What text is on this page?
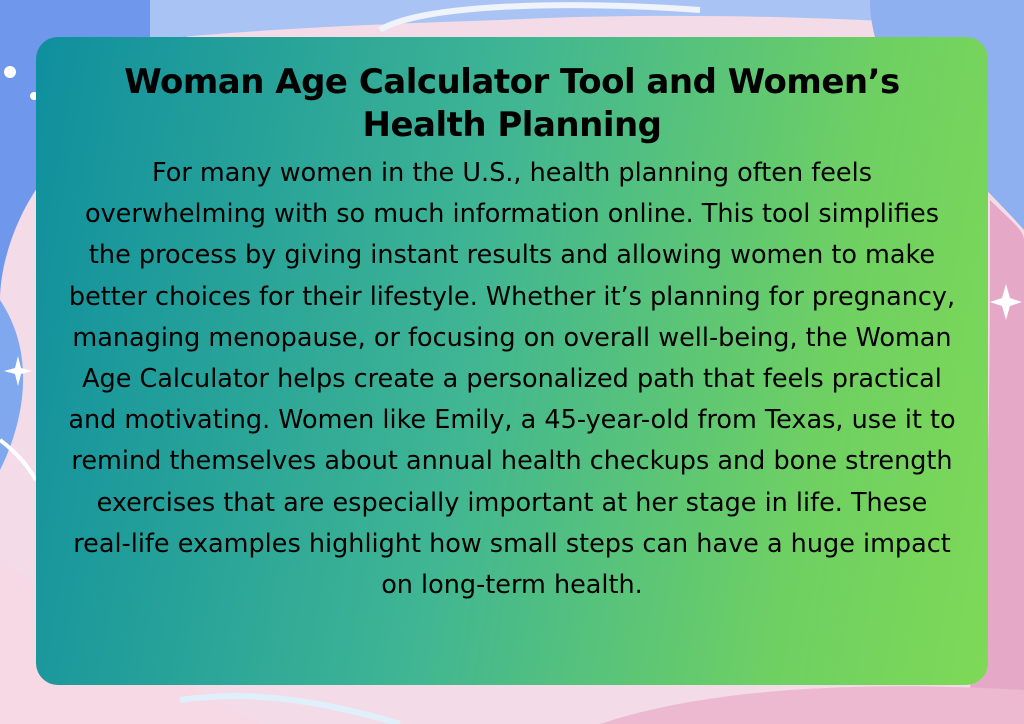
Woman Age Calculator Tool and Women’s Health Planning

For many women in the U.S., health planning often feels overwhelming with so much information online. This tool simplifies the process by giving instant results and allowing women to make better choices for their lifestyle. Whether it’s planning for pregnancy, managing menopause, or focusing on overall well-being, the Woman Age Calculator helps create a personalized path that feels practical and motivating. Women like Emily, a 45-year-old from Texas, use it to remind themselves about annual health checkups and bone strength exercises that are especially important at her stage in life. These real-life examples highlight how small steps can have a huge impact on long-term health.
